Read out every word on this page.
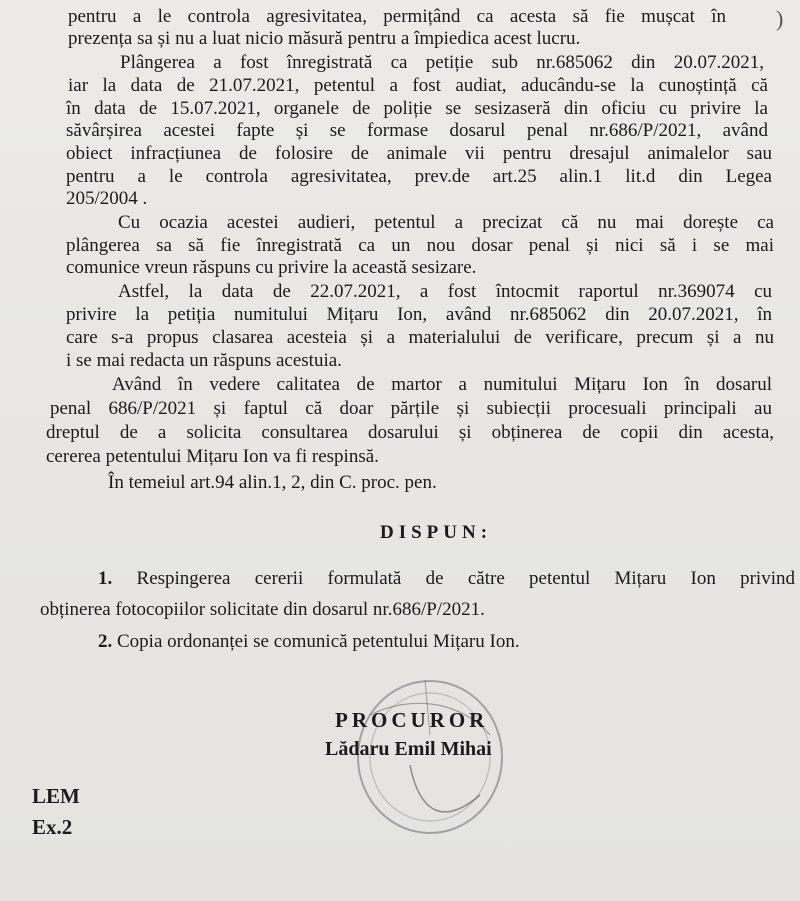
)
pentru a le controla agresivitatea, permițând ca acesta să fie mușcat în
prezența sa și nu a luat nicio măsură pentru a împiedica acest lucru.
Plângerea a fost înregistrată ca petiție sub nr.685062 din 20.07.2021,
iar la data de 21.07.2021, petentul a fost audiat, aducându-se la cunoștință că
în data de 15.07.2021, organele de poliție se sesizaseră din oficiu cu privire la
săvârșirea acestei fapte și se formase dosarul penal nr.686/P/2021, având
obiect infracțiunea de folosire de animale vii pentru dresajul animalelor sau
pentru a le controla agresivitatea, prev.de art.25 alin.1 lit.d din Legea
205/2004 .
Cu ocazia acestei audieri, petentul a precizat că nu mai dorește ca
plângerea sa să fie înregistrată ca un nou dosar penal și nici să i se mai
comunice vreun răspuns cu privire la această sesizare.
Astfel, la data de 22.07.2021, a fost întocmit raportul nr.369074 cu
privire la petiția numitului Mițaru Ion, având nr.685062 din 20.07.2021, în
care s-a propus clasarea acesteia și a materialului de verificare, precum și a nu
i se mai redacta un răspuns acestuia.
Având în vedere calitatea de martor a numitului Mițaru Ion în dosarul
penal 686/P/2021 și faptul că doar părțile și subiecții procesuali principali au
dreptul de a solicita consultarea dosarului și obținerea de copii din acesta,
cererea petentului Mițaru Ion va fi respinsă.
În temeiul art.94 alin.1, 2, din C. proc. pen.
DISPUN:
1. Respingerea cererii formulată de către petentul Mițaru Ion privind
obținerea fotocopiilor solicitate din dosarul nr.686/P/2021.
2. Copia ordonanței se comunică petentului Mițaru Ion.
PROCUROR
Lădaru Emil Mihai
LEM
Ex.2
